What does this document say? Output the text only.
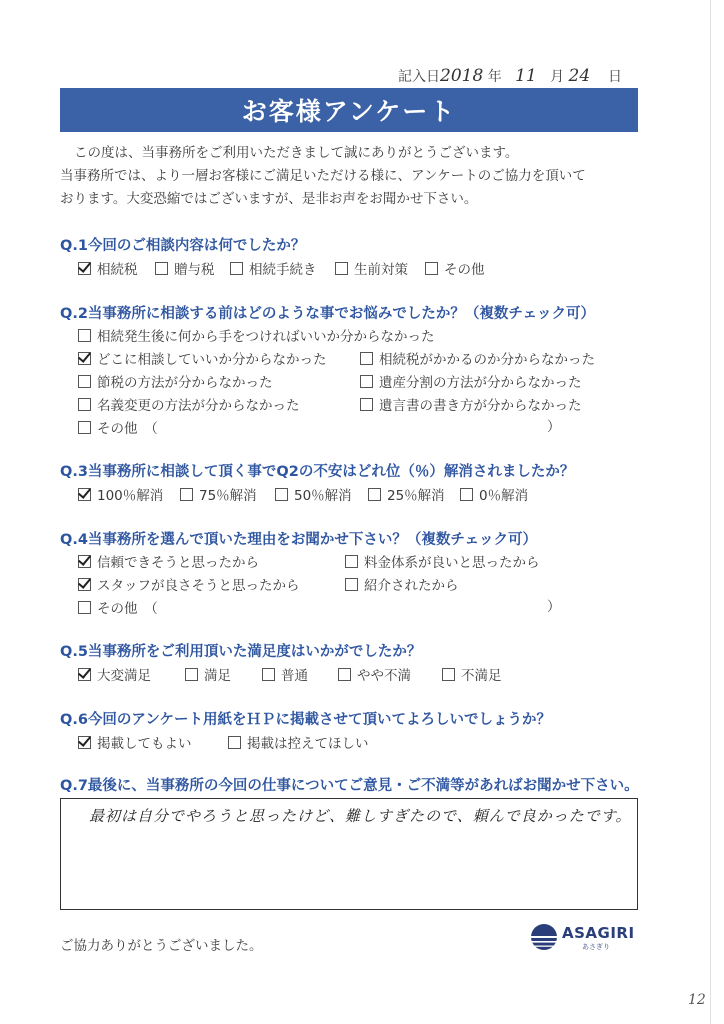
記入日2018 年 11 月 24 日
お客様アンケート
この度は、当事務所をご利用いただきまして誠にありがとうございます。
当事務所では、より一層お客様にご満足いただける様に、アンケートのご協力を頂いて
おります。大変恐縮ではございますが、是非お声をお聞かせ下さい。
Q.1今回のご相談内容は何でしたか？
相続税	贈与税	相続手続き	生前対策	その他
Q.2当事務所に相談する前はどのような事でお悩みでしたか？（複数チェック可）
相続発生後に何から手をつければいいか分からなかった
どこに相談していいか分からなかった	相続税がかかるのか分からなかった
節税の方法が分からなかった	遺産分割の方法が分からなかった
名義変更の方法が分からなかった	遺言書の書き方が分からなかった
その他　（	）
Q.3当事務所に相談して頂く事でQ2の不安はどれ位（％）解消されましたか？
100％解消	75％解消	50％解消	25％解消	0％解消
Q.4当事務所を選んで頂いた理由をお聞かせ下さい？（複数チェック可）
信頼できそうと思ったから	料金体系が良いと思ったから
スタッフが良さそうと思ったから	紹介されたから
その他　（	）
Q.5当事務所をご利用頂いた満足度はいかがでしたか？
大変満足	満足	普通	やや不満	不満足
Q.6今回のアンケート用紙をＨＰに掲載させて頂いてよろしいでしょうか？
掲載してもよい	掲載は控えてほしい
Q.7最後に、当事務所の今回の仕事についてご意見・ご不満等があればお聞かせ下さい。
最初は自分でやろうと思ったけど、難しすぎたので、頼んで良かったです。
ご協力ありがとうございました。
ASAGIRI
あさぎり
12
